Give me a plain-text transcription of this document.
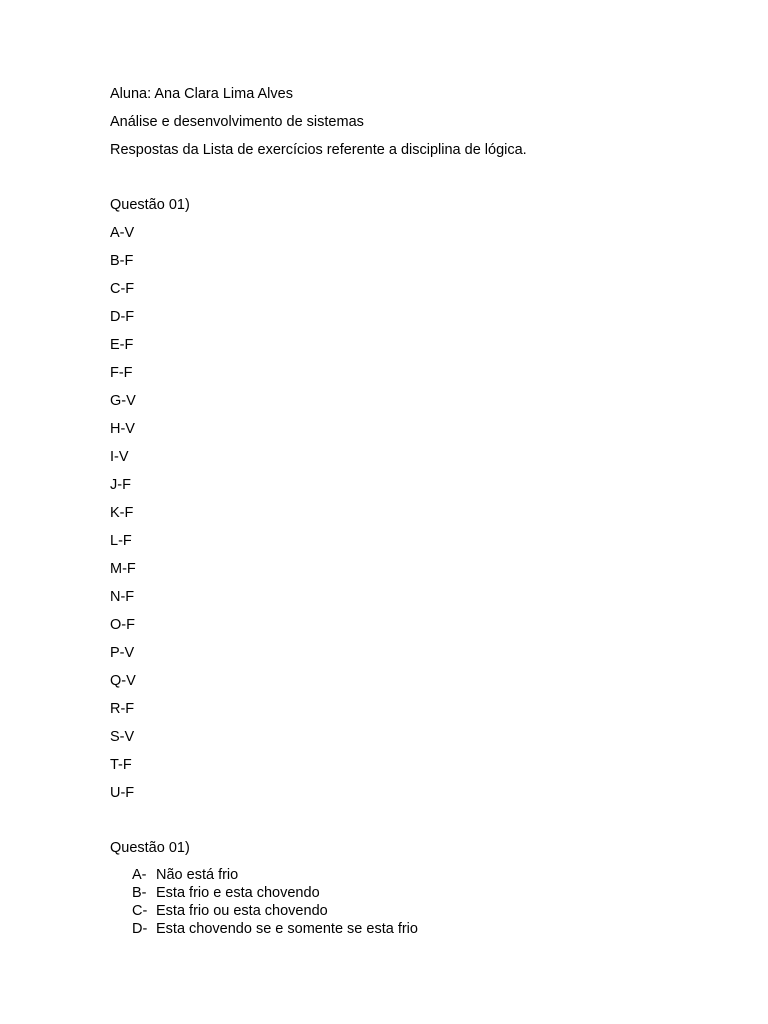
Aluna: Ana Clara Lima Alves
Análise e desenvolvimento de sistemas
Respostas da Lista de exercícios referente a disciplina de lógica.
Questão 01)
A-V
B-F
C-F
D-F
E-F
F-F
G-V
H-V
I-V
J-F
K-F
L-F
M-F
N-F
O-F
P-V
Q-V
R-F
S-V
T-F
U-F
Questão 01)
A- Não está frio
B- Esta frio e esta chovendo
C- Esta frio ou esta chovendo
D- Esta chovendo se e somente se esta frio
